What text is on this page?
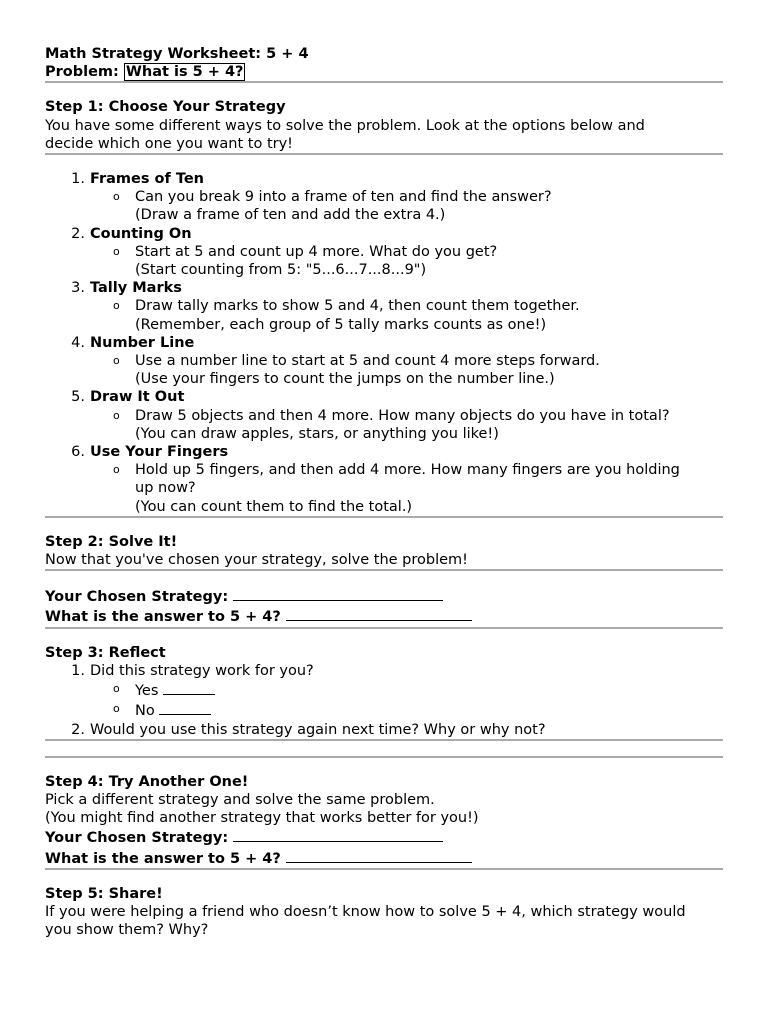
Math Strategy Worksheet: 5 + 4
Problem: What is 5 + 4?
Step 1: Choose Your Strategy
You have some different ways to solve the problem. Look at the options below and
decide which one you want to try!
1. Frames of Ten
o Can you break 9 into a frame of ten and find the answer?
(Draw a frame of ten and add the extra 4.)
2. Counting On
o Start at 5 and count up 4 more. What do you get?
(Start counting from 5: "5...6...7...8...9")
3. Tally Marks
o Draw tally marks to show 5 and 4, then count them together.
(Remember, each group of 5 tally marks counts as one!)
4. Number Line
o Use a number line to start at 5 and count 4 more steps forward.
(Use your fingers to count the jumps on the number line.)
5. Draw It Out
o Draw 5 objects and then 4 more. How many objects do you have in total?
(You can draw apples, stars, or anything you like!)
6. Use Your Fingers
o Hold up 5 fingers, and then add 4 more. How many fingers are you holding
up now?
(You can count them to find the total.)
Step 2: Solve It!
Now that you've chosen your strategy, solve the problem!
Your Chosen Strategy:
What is the answer to 5 + 4?
Step 3: Reflect
1. Did this strategy work for you?
o Yes
o No
2. Would you use this strategy again next time? Why or why not?
Step 4: Try Another One!
Pick a different strategy and solve the same problem.
(You might find another strategy that works better for you!)
Your Chosen Strategy:
What is the answer to 5 + 4?
Step 5: Share!
If you were helping a friend who doesn’t know how to solve 5 + 4, which strategy would
you show them? Why?
